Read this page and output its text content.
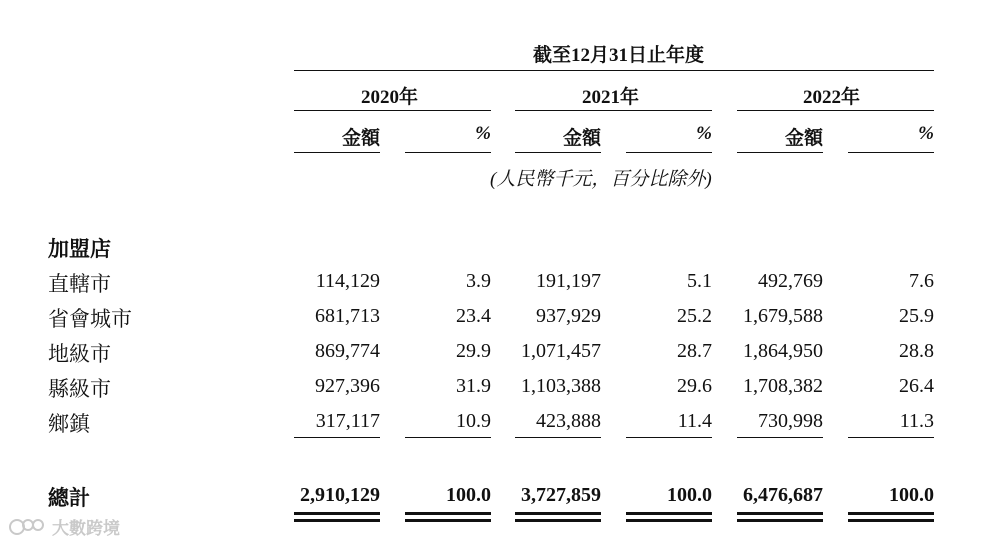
截至12月31日止年度
2020年	2021年	2022年
金額	%	金額	%	金額	%
(人民幣千元，百分比除外)
加盟店
直轄市	114,129	3.9 191,197	5.1 492,769	7.6
省會城市	681,713	23.4 937,929	25.2 1,679,588	25.9
地級市	869,774	29.9 1,071,457	28.7 1,864,950	28.8
縣級市	927,396	31.9 1,103,388	29.6 1,708,382	26.4
鄉鎮	317,117	10.9 423,888	11.4 730,998	11.3
總計	2,910,129	100.0 3,727,859	100.0 6,476,687	100.0
大數跨境
